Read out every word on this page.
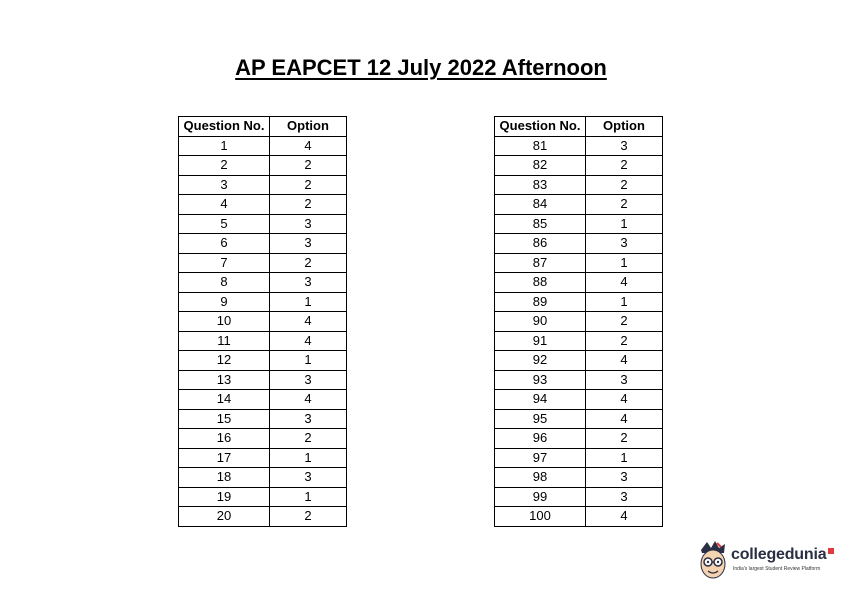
AP EAPCET 12 July 2022 Afternoon
Question No.	Option
1	4
2	2
3	2
4	2
5	3
6	3
7	2
8	3
9	1
10	4
11	4
12	1
13	3
14	4
15	3
16	2
17	1
18	3
19	1
20	2
Question No.	Option
81	3
82	2
83	2
84	2
85	1
86	3
87	1
88	4
89	1
90	2
91	2
92	4
93	3
94	4
95	4
96	2
97	1
98	3
99	3
100	4
collegedunia
India's largest Student Review Platform
